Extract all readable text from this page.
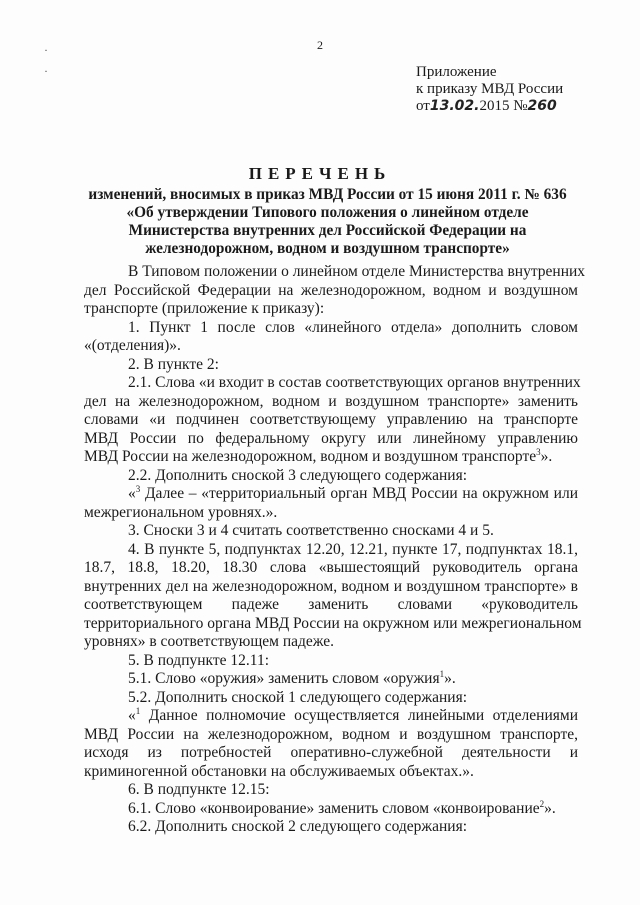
·
·
2
Приложение
к приказу МВД России
от13.02.2015 №260
ПЕРЕЧЕНЬ
изменений, вносимых в приказ МВД России от 15 июня 2011 г. № 636
«Об утверждении Типового положения о линейном отделе
Министерства внутренних дел Российской Федерации на
железнодорожном, водном и воздушном транспорте»
В Типовом положении о линейном отделе Министерства внутренних
дел Российской Федерации на железнодорожном, водном и воздушном
транспорте (приложение к приказу):
1. Пункт 1 после слов «линейного отдела» дополнить словом
«(отделения)».
2. В пункте 2:
2.1. Слова «и входит в состав соответствующих органов внутренних
дел на железнодорожном, водном и воздушном транспорте» заменить
словами «и подчинен соответствующему управлению на транспорте
МВД России по федеральному округу или линейному управлению
МВД России на железнодорожном, водном и воздушном транспорте$^3$».
2.2. Дополнить сноской 3 следующего содержания:
«$^3$ Далее – «территориальный орган МВД России на окружном или
межрегиональном уровнях.».
3. Сноски 3 и 4 считать соответственно сносками 4 и 5.
4. В пункте 5, подпунктах 12.20, 12.21, пункте 17, подпунктах 18.1,
18.7, 18.8, 18.20, 18.30 слова «вышестоящий руководитель органа
внутренних дел на железнодорожном, водном и воздушном транспорте» в
соответствующем падеже заменить словами «руководитель
территориального органа МВД России на окружном или межрегиональном
уровнях» в соответствующем падеже.
5. В подпункте 12.11:
5.1. Слово «оружия» заменить словом «оружия$^1$».
5.2. Дополнить сноской 1 следующего содержания:
«$^1$ Данное полномочие осуществляется линейными отделениями
МВД России на железнодорожном, водном и воздушном транспорте,
исходя из потребностей оперативно-служебной деятельности и
криминогенной обстановки на обслуживаемых объектах.».
6. В подпункте 12.15:
6.1. Слово «конвоирование» заменить словом «конвоирование$^2$».
6.2. Дополнить сноской 2 следующего содержания:
